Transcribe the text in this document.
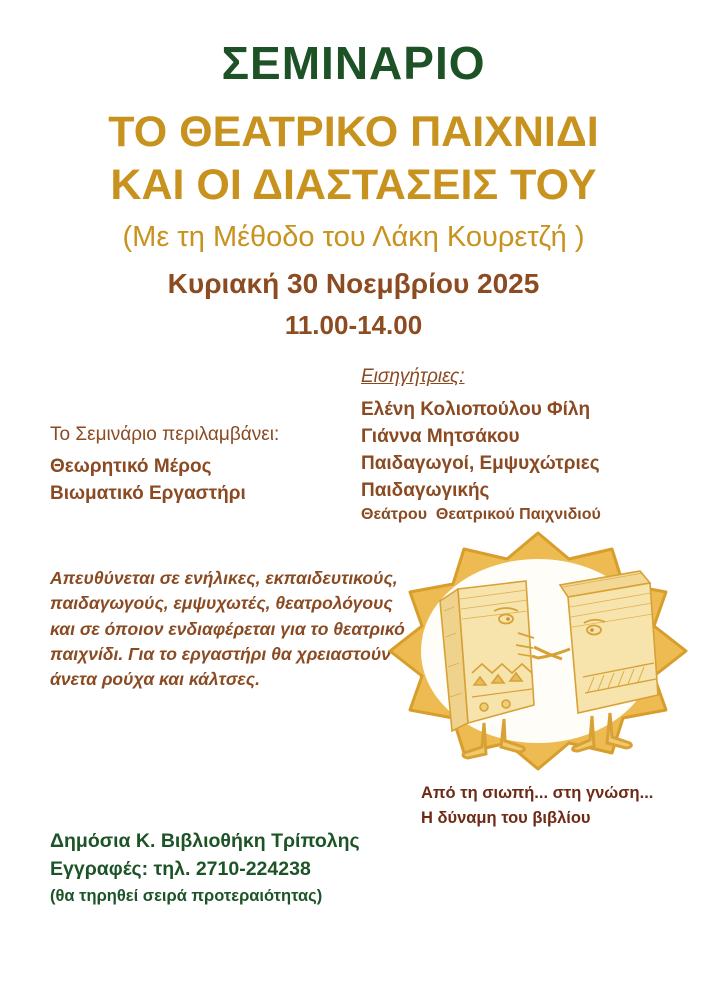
ΣΕΜΙΝΑΡΙΟ
ΤΟ ΘΕΑΤΡΙΚΟ ΠΑΙΧΝΙΔΙ
ΚΑΙ ΟΙ ΔΙΑΣΤΑΣΕΙΣ ΤΟΥ
(Με τη Μέθοδο του Λάκη Κουρετζή )
Κυριακή 30 Νοεμβρίου 2025
11.00-14.00
Το Σεμινάριο περιλαμβάνει:
Θεωρητικό Μέρος
Βιωματικό Εργαστήρι
Εισηγήτριες:
Ελένη Κολιοπούλου Φίλη
Γιάννα Μητσάκου
Παιδαγωγοί, Εμψυχώτριες
Παιδαγωγικής
Θεάτρου  Θεατρικού Παιχνιδιού
Απευθύνεται σε ενήλικες, εκπαιδευτικούς,
παιδαγωγούς, εμψυχωτές, θεατρολόγους
και σε όποιον ενδιαφέρεται για το θεατρικό
παιχνίδι. Για το εργαστήρι θα χρειαστούν
άνετα ρούχα και κάλτσες.
Από τη σιωπή... στη γνώση...
Η δύναμη του βιβλίου
Δημόσια Κ. Βιβλιοθήκη Τρίπολης
Εγγραφές: τηλ. 2710-224238
(θα τηρηθεί σειρά προτεραιότητας)
